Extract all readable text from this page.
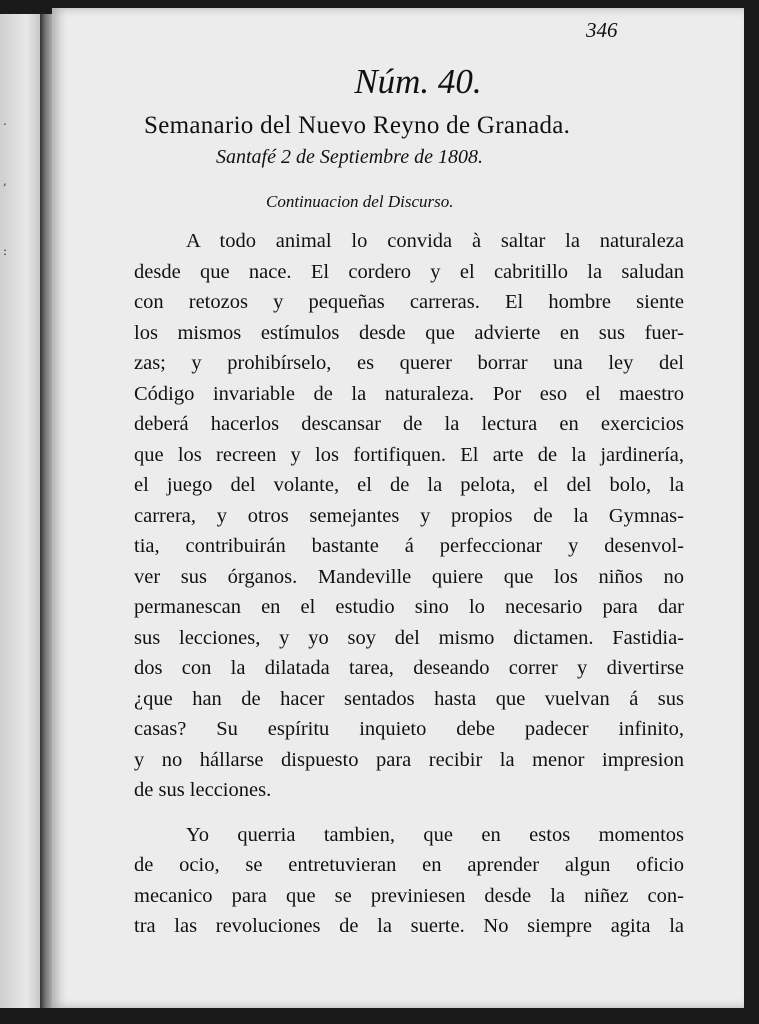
.
,
:
346
Núm. 40.
Semanario del Nuevo Reyno de Granada.
Santafé 2 de Septiembre de 1808.
Continuacion del Discurso.
A todo animal lo convida à saltar la naturaleza
desde que nace. El cordero y el cabritillo la saludan
con retozos y pequeñas carreras. El hombre siente
los mismos estímulos desde que advierte en sus fuer-
zas; y prohibírselo, es querer borrar una ley del
Código invariable de la naturaleza. Por eso el maestro
deberá hacerlos descansar de la lectura en exercicios
que los recreen y los fortifiquen. El arte de la jardinería,
el juego del volante, el de la pelota, el del bolo, la
carrera, y otros semejantes y propios de la Gymnas-
tia, contribuirán bastante á perfeccionar y desenvol-
ver sus órganos. Mandeville quiere que los niños no
permanescan en el estudio sino lo necesario para dar
sus lecciones, y yo soy del mismo dictamen. Fastidia-
dos con la dilatada tarea, deseando correr y divertirse
¿que han de hacer sentados hasta que vuelvan á sus
casas? Su espíritu inquieto debe padecer infinito,
y no hállarse dispuesto para recibir la menor impresion
de sus lecciones.
Yo querria tambien, que en estos momentos
de ocio, se entretuvieran en aprender algun oficio
mecanico para que se previniesen desde la niñez con-
tra las revoluciones de la suerte. No siempre agita la
